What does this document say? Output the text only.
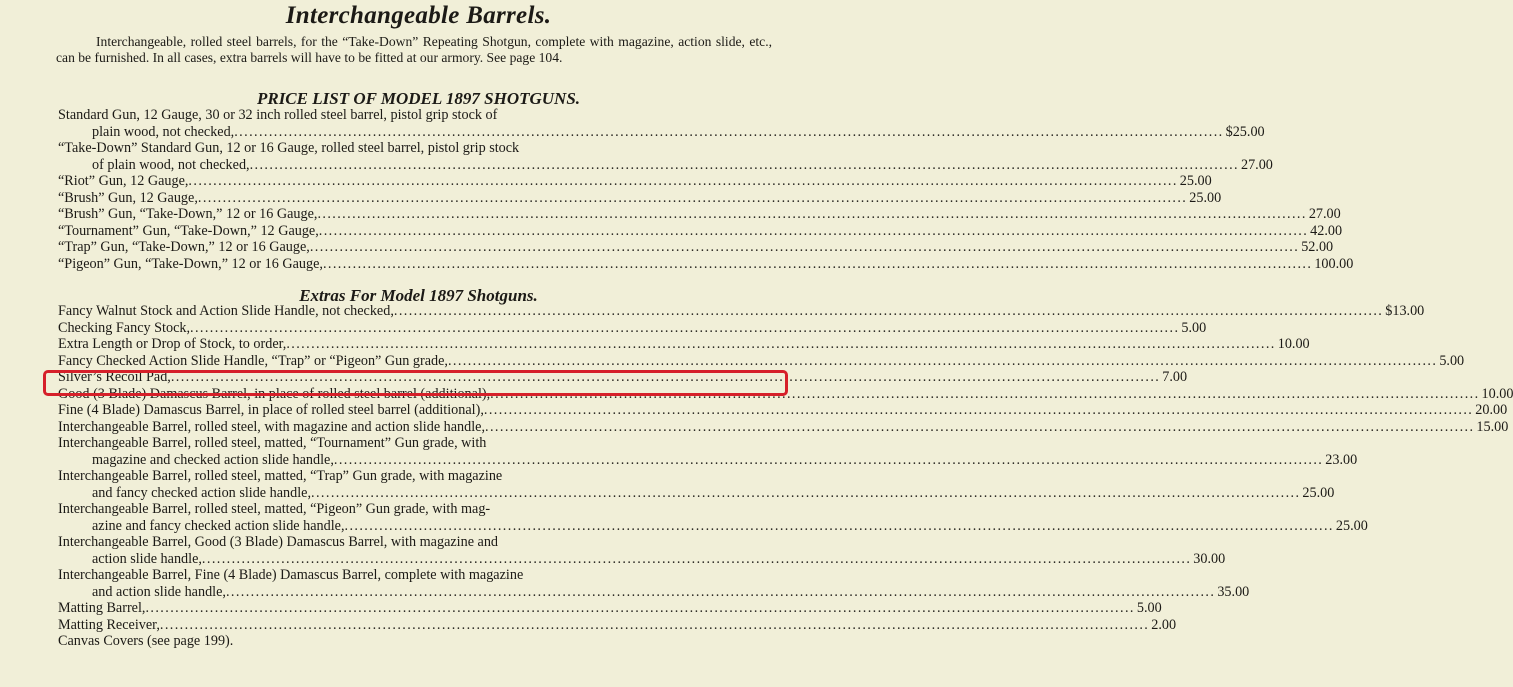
Interchangeable Barrels.
Interchangeable, rolled steel barrels, for the “Take-Down” Repeating Shotgun, complete with magazine, action slide, etc., can be furnished. In all cases, extra barrels will have to be fitted at our armory. See page 104.
PRICE LIST OF MODEL 1897 SHOTGUNS.
Standard Gun, 12 Gauge, 30 or 32 inch rolled steel barrel, pistol grip stock of
plain wood, not checked, ........................................................................................................................................................................................................ $25.00
“Take-Down” Standard Gun, 12 or 16 Gauge, rolled steel barrel, pistol grip stock
of plain wood, not checked, ........................................................................................................................................................................................................ 27.00
“Riot” Gun, 12 Gauge, ........................................................................................................................................................................................................ 25.00
“Brush” Gun, 12 Gauge, ........................................................................................................................................................................................................ 25.00
“Brush” Gun, “Take-Down,” 12 or 16 Gauge, ........................................................................................................................................................................................................ 27.00
“Tournament” Gun, “Take-Down,” 12 Gauge, ........................................................................................................................................................................................................ 42.00
“Trap” Gun, “Take-Down,” 12 or 16 Gauge, ........................................................................................................................................................................................................ 52.00
“Pigeon” Gun, “Take-Down,” 12 or 16 Gauge, ........................................................................................................................................................................................................ 100.00
Extras For Model 1897 Shotguns.
Fancy Walnut Stock and Action Slide Handle, not checked, ........................................................................................................................................................................................................ $13.00
Checking Fancy Stock, ........................................................................................................................................................................................................ 5.00
Extra Length or Drop of Stock, to order, ........................................................................................................................................................................................................ 10.00
Fancy Checked Action Slide Handle, “Trap” or “Pigeon” Gun grade, ........................................................................................................................................................................................................ 5.00
Silver’s Recoil Pad, ........................................................................................................................................................................................................ 7.00
Good (3 Blade) Damascus Barrel, in place of rolled steel barrel (additional), ........................................................................................................................................................................................................ 10.00
Fine (4 Blade) Damascus Barrel, in place of rolled steel barrel (additional), ........................................................................................................................................................................................................ 20.00
Interchangeable Barrel, rolled steel, with magazine and action slide handle, ........................................................................................................................................................................................................ 15.00
Interchangeable Barrel, rolled steel, matted, “Tournament” Gun grade, with
magazine and checked action slide handle, ........................................................................................................................................................................................................ 23.00
Interchangeable Barrel, rolled steel, matted, “Trap” Gun grade, with magazine
and fancy checked action slide handle, ........................................................................................................................................................................................................ 25.00
Interchangeable Barrel, rolled steel, matted, “Pigeon” Gun grade, with mag-
azine and fancy checked action slide handle, ........................................................................................................................................................................................................ 25.00
Interchangeable Barrel, Good (3 Blade) Damascus Barrel, with magazine and
action slide handle, ........................................................................................................................................................................................................ 30.00
Interchangeable Barrel, Fine (4 Blade) Damascus Barrel, complete with magazine
and action slide handle, ........................................................................................................................................................................................................ 35.00
Matting Barrel, ........................................................................................................................................................................................................ 5.00
Matting Receiver, ........................................................................................................................................................................................................ 2.00
Canvas Covers (see page 199).
